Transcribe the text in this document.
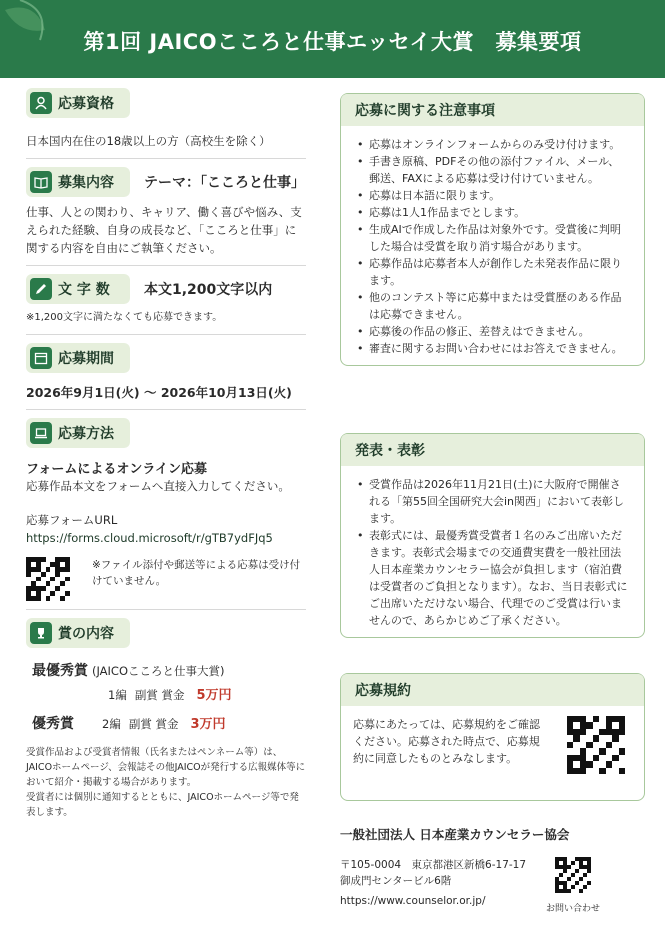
第1回 JAICOこころと仕事エッセイ大賞　募集要項
応募資格
日本国内在住の18歳以上の方（高校生を除く）
募集内容 テーマ：「こころと仕事」
仕事、人との関わり、キャリア、働く喜びや悩み、支えられた経験、自身の成長など、「こころと仕事」に関する内容を自由にご執筆ください。
文 字 数 本文1,200文字以内
※1,200文字に満たなくても応募できます。
応募期間
2026年9月1日(火) 〜 2026年10月13日(火)
応募方法
フォームによるオンライン応募
応募作品本文をフォームへ直接入力してください。
応募フォームURL
https://forms.cloud.microsoft/r/gTB7ydFJq5
※ファイル添付や郵送等による応募は受け付けていません。
賞の内容
最優秀賞 (JAICOこころと仕事大賞)
1編 副賞 賞金 5万円
優秀賞 2編 副賞 賞金 3万円
受賞作品および受賞者情報（氏名またはペンネーム等）は、JAICOホームページ、会報誌その他JAICOが発行する広報媒体等において紹介・掲載する場合があります。
受賞者には個別に通知するとともに、JAICOホームページ等で発表します。
応募に関する注意事項
• 応募はオンラインフォームからのみ受け付けます。
• 手書き原稿、PDFその他の添付ファイル、メール、郵送、FAXによる応募は受け付けていません。
• 応募は日本語に限ります。
• 応募は1人1作品までとします。
• 生成AIで作成した作品は対象外です。受賞後に判明した場合は受賞を取り消す場合があります。
• 応募作品は応募者本人が創作した未発表作品に限ります。
• 他のコンテスト等に応募中または受賞歴のある作品は応募できません。
• 応募後の作品の修正、差替えはできません。
• 審査に関するお問い合わせにはお答えできません。
発表・表彰
• 受賞作品は2026年11月21日(土)に大阪府で開催される「第55回全国研究大会in関西」において表彰します。
• 表彰式には、最優秀賞受賞者１名のみご出席いただきます。表彰式会場までの交通費実費を一般社団法人日本産業カウンセラー協会が負担します（宿泊費は受賞者のご負担となります）。なお、当日表彰式にご出席いただけない場合、代理でのご受賞は行いませんので、あらかじめご了承ください。
応募規約
応募にあたっては、応募規約をご確認ください。応募された時点で、応募規約に同意したものとみなします。
一般社団法人 日本産業カウンセラー協会
〒105-0004　東京都港区新橋6-17-17
御成門センタービル6階
https://www.counselor.or.jp/
お問い合わせ
